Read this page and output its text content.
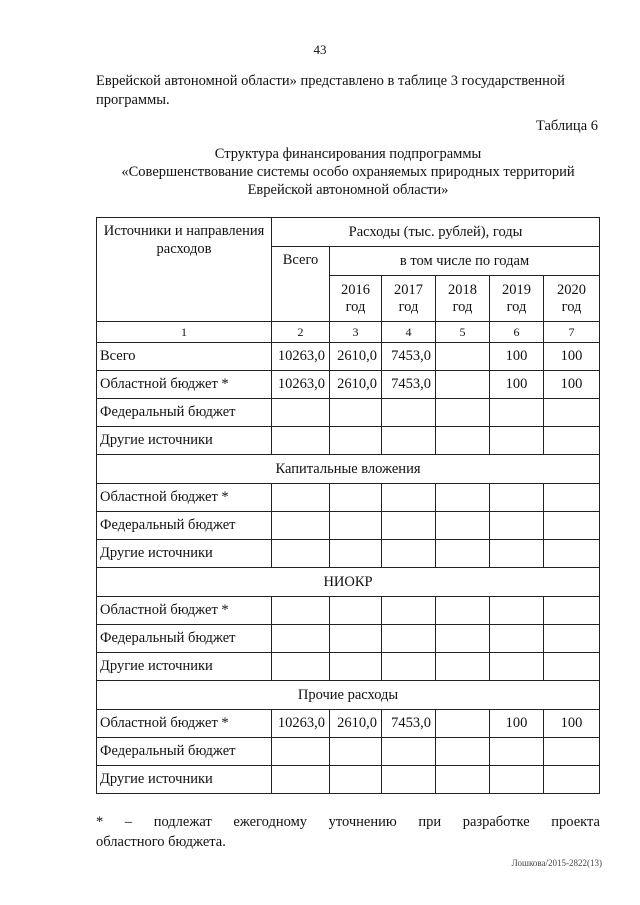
43
Еврейской автономной области» представлено в таблице 3 государственной
программы.
Таблица 6
Структура финансирования подпрограммы
«Совершенствование системы особо охраняемых природных территорий
Еврейской автономной области»
Источники и направления расходов	Расходы (тыс. рублей), годы					
	Всего	в том числе по годам				
		2016 год	2017 год	2018 год	2019 год	2020 год
1	2	3	4	5	6	7
Всего	10263,0	2610,0	7453,0		100	100
Областной бюджет *	10263,0	2610,0	7453,0		100	100
Федеральный бюджет						
Другие источники						
Капитальные вложения						
Областной бюджет *						
Федеральный бюджет						
Другие источники						
НИОКР						
Областной бюджет *						
Федеральный бюджет						
Другие источники						
Прочие расходы						
Областной бюджет *	10263,0	2610,0	7453,0		100	100
Федеральный бюджет						
Другие источники						
* – подлежат ежегодному уточнению при разработке проекта
областного бюджета.
Лошкова/2015-2822(13)
